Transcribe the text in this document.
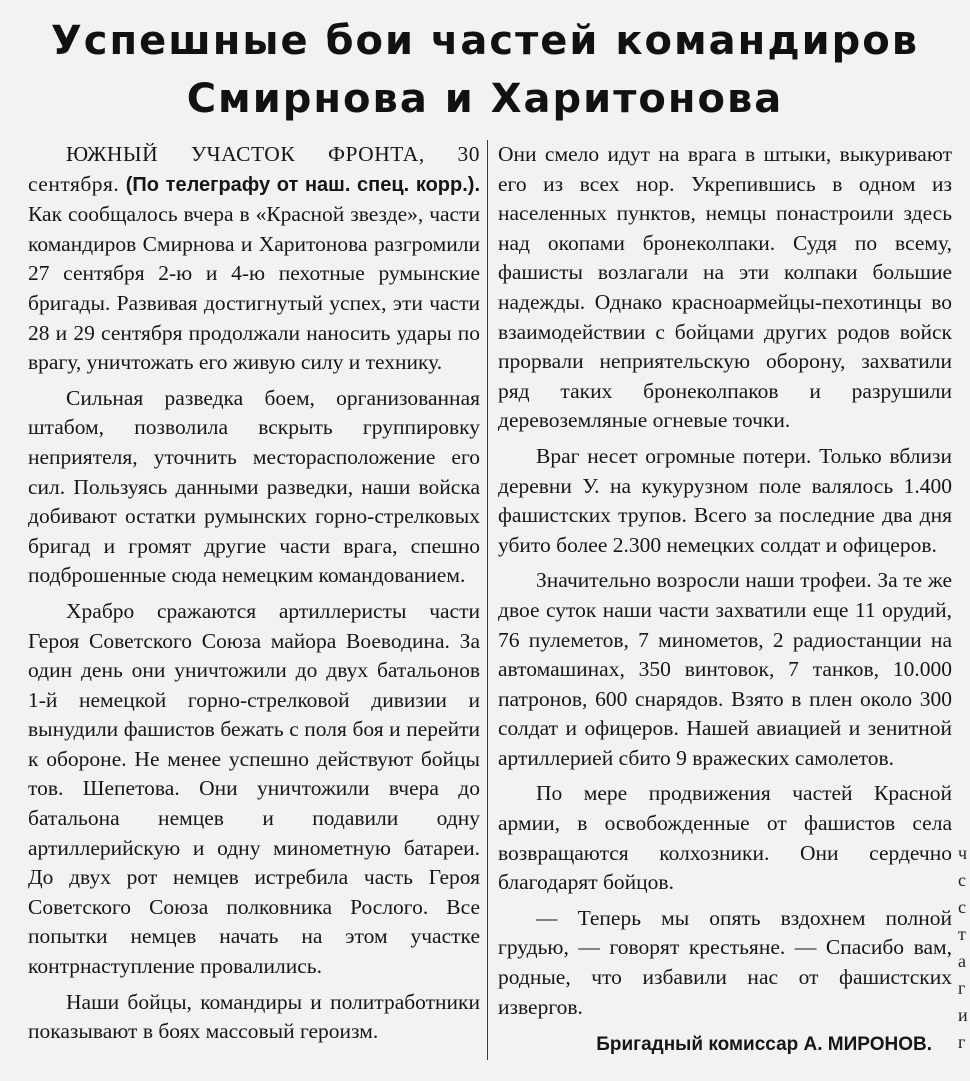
Успешные бои частей командиров
Смирнова и Харитонова

ЮЖНЫЙ УЧАСТОК ФРОНТА, 30 сентября. (По телеграфу от наш. спец. корр.). Как сообщалось вчера в «Красной звезде», части командиров Смирнова и Харитонова разгромили 27 сентября 2-ю и 4-ю пехотные румынские бригады. Развивая достигнутый успех, эти части 28 и 29 сентября продолжали наносить удары по врагу, уничтожать его живую силу и технику.

Сильная разведка боем, организованная штабом, позволила вскрыть группировку неприятеля, уточнить месторасположение его сил. Пользуясь данными разведки, наши войска добивают остатки румынских горно-стрелковых бригад и громят другие части врага, спешно подброшенные сюда немецким командованием.

Храбро сражаются артиллеристы части Героя Советского Союза майора Воеводина. За один день они уничтожили до двух батальонов 1-й немецкой горно-стрелковой дивизии и вынудили фашистов бежать с поля боя и перейти к обороне. Не менее успешно действуют бойцы тов. Шепетова. Они уничтожили вчера до батальона немцев и подавили одну артиллерийскую и одну минометную батареи. До двух рот немцев истребила часть Героя Советского Союза полковника Рослого. Все попытки немцев начать на этом участке контрнаступление провалились.

Наши бойцы, командиры и политработники показывают в боях массовый героизм.

Они смело идут на врага в штыки, выкуривают его из всех нор. Укрепившись в одном из населенных пунктов, немцы понастроили здесь над окопами бронеколпаки. Судя по всему, фашисты возлагали на эти колпаки большие надежды. Однако красноармейцы-пехотинцы во взаимодействии с бойцами других родов войск прорвали неприятельскую оборону, захватили ряд таких бронеколпаков и разрушили деревоземляные огневые точки.

Враг несет огромные потери. Только вблизи деревни У. на кукурузном поле валялось 1.400 фашистских трупов. Всего за последние два дня убито более 2.300 немецких солдат и офицеров.

Значительно возросли наши трофеи. За те же двое суток наши части захватили еще 11 орудий, 76 пулеметов, 7 минометов, 2 радиостанции на автомашинах, 350 винтовок, 7 танков, 10.000 патронов, 600 снарядов. Взято в плен около 300 солдат и офицеров. Нашей авиацией и зенитной артиллерией сбито 9 вражеских самолетов.

По мере продвижения частей Красной армии, в освобожденные от фашистов села возвращаются колхозники. Они сердечно благодарят бойцов.

— Теперь мы опять вздохнем полной грудью, — говорят крестьяне. — Спасибо вам, родные, что избавили нас от фашистских извергов.

Бригадный комиссар А. МИРОНОВ.

ч с с т а г и г
